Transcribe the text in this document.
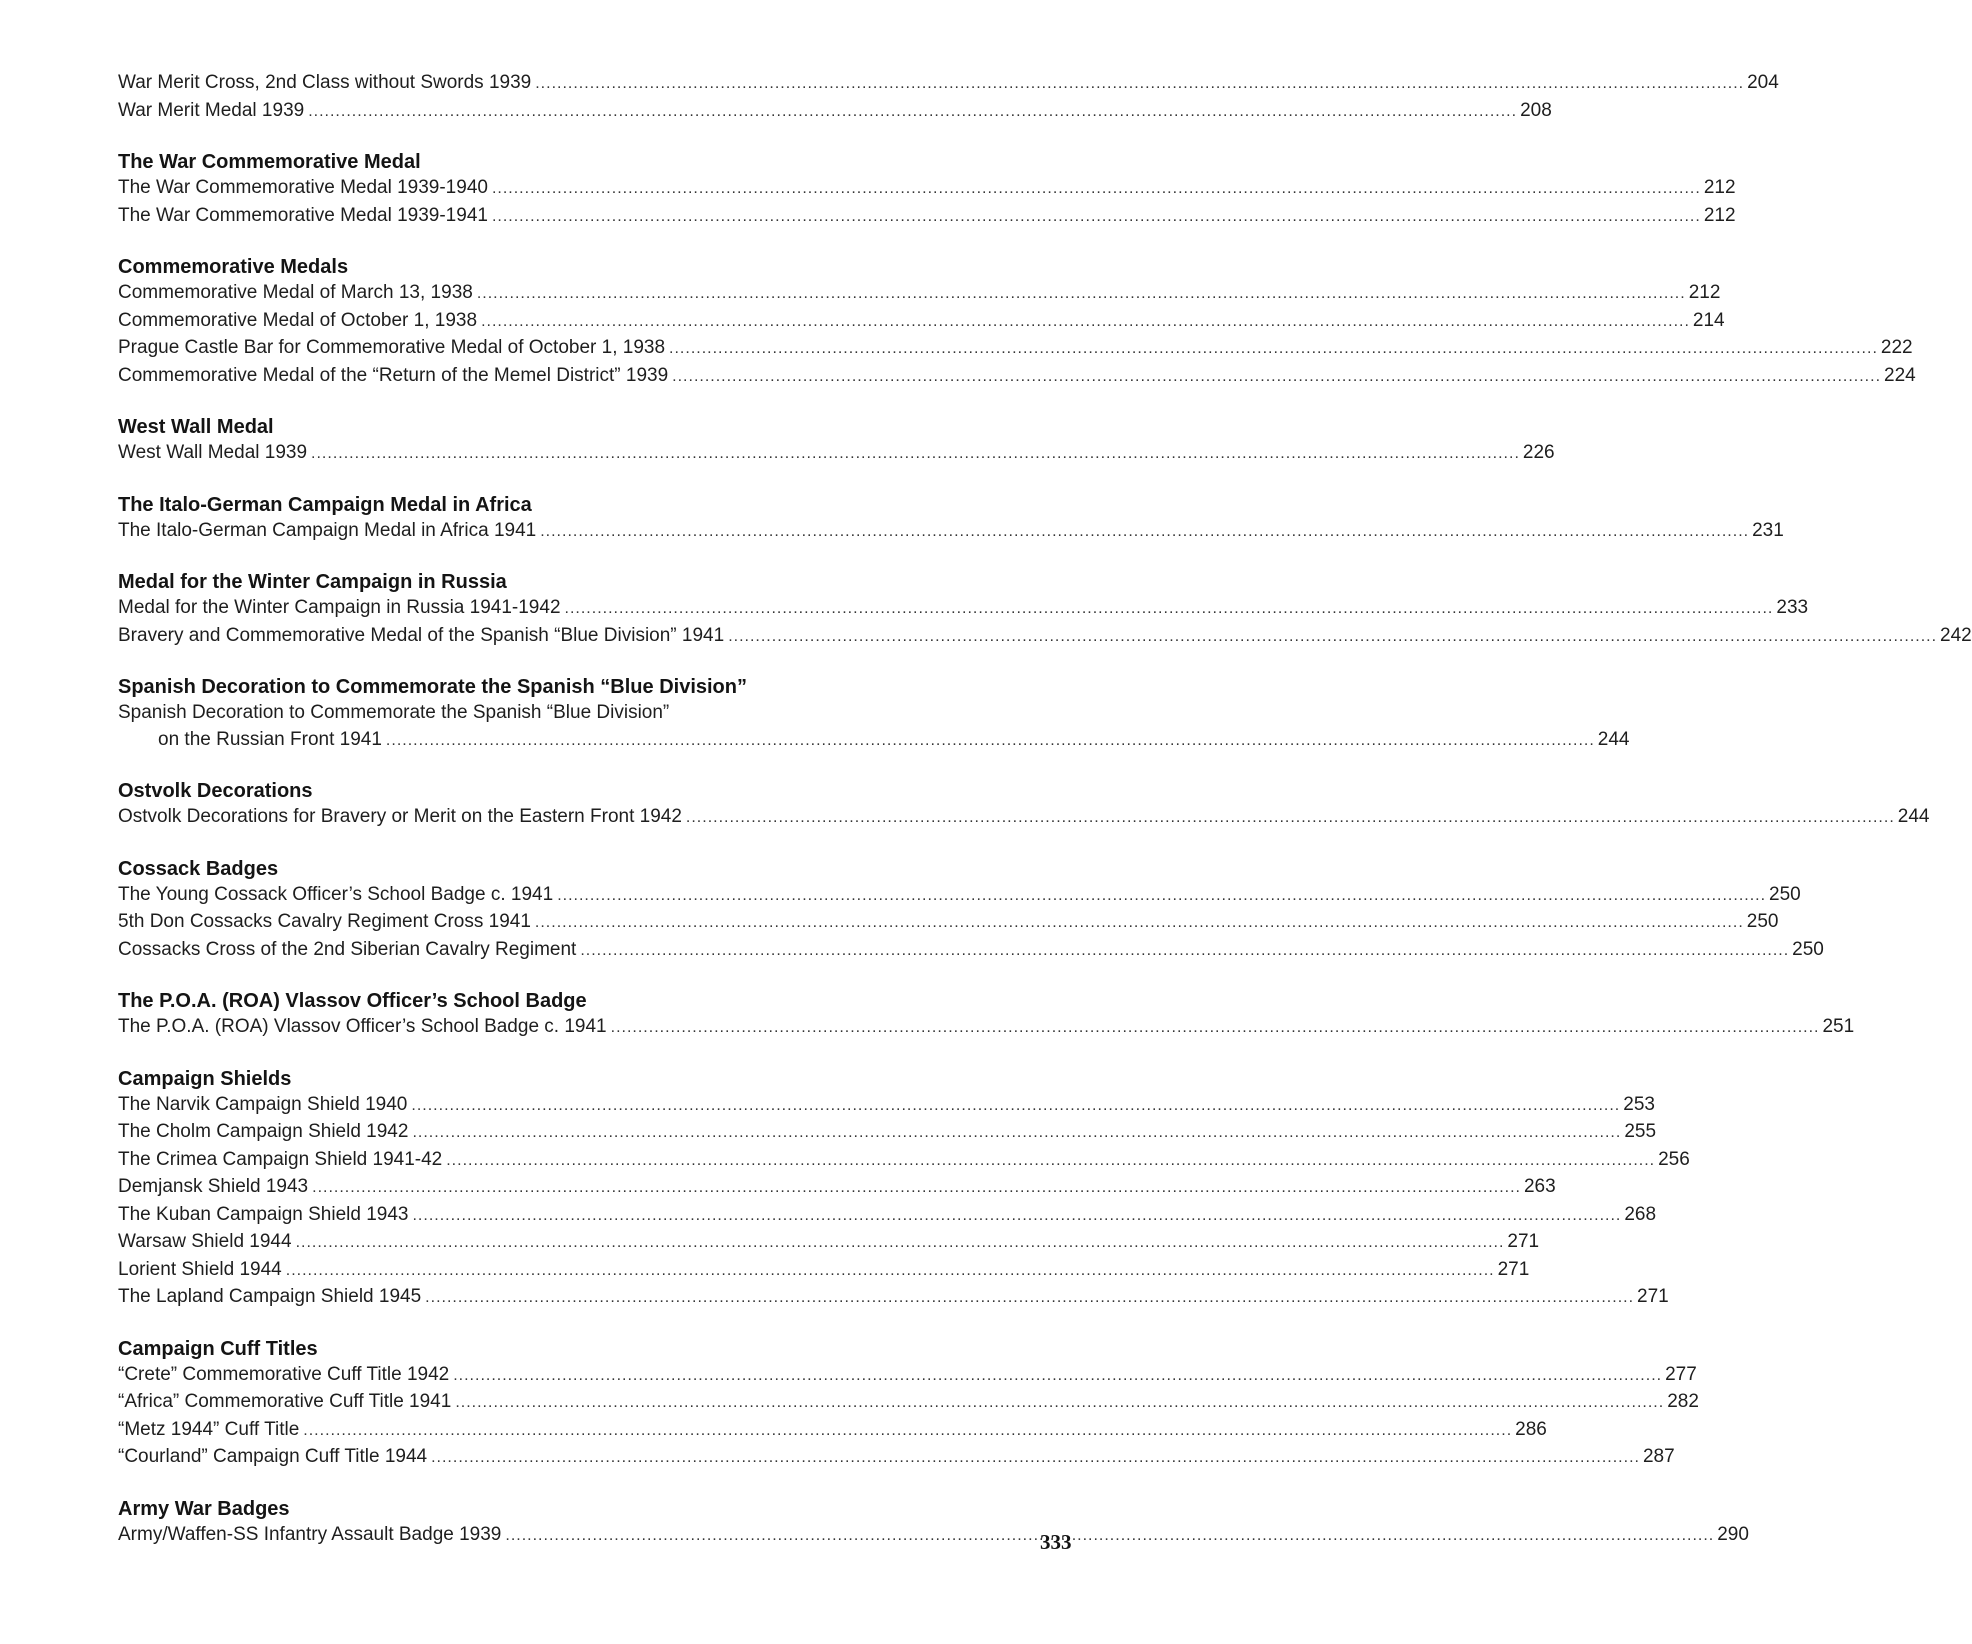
War Merit Cross, 2nd Class without Swords 1939 .....	204
War Merit Medal 1939 .....	208
The War Commemorative Medal
The War Commemorative Medal 1939-1940 .....	212
The War Commemorative Medal 1939-1941 .....	212
Commemorative Medals
Commemorative Medal of March 13, 1938 .....	212
Commemorative Medal of October 1, 1938 .....	214
Prague Castle Bar for Commemorative Medal of October 1, 1938 .....	222
Commemorative Medal of the “Return of the Memel District” 1939 .....	224
West Wall Medal
West Wall Medal 1939 .....	226
The Italo-German Campaign Medal in Africa
The Italo-German Campaign Medal in Africa 1941 .....	231
Medal for the Winter Campaign in Russia
Medal for the Winter Campaign in Russia 1941-1942 .....	233
Bravery and Commemorative Medal of the Spanish “Blue Division” 1941 .....	242
Spanish Decoration to Commemorate the Spanish “Blue Division”
Spanish Decoration to Commemorate the Spanish “Blue Division”
on the Russian Front 1941 .....	244
Ostvolk Decorations
Ostvolk Decorations for Bravery or Merit on the Eastern Front 1942 .....	244
Cossack Badges
The Young Cossack Officer’s School Badge c. 1941 .....	250
5th Don Cossacks Cavalry Regiment Cross 1941 .....	250
Cossacks Cross of the 2nd Siberian Cavalry Regiment .....	250
The P.O.A. (ROA) Vlassov Officer’s School Badge
The P.O.A. (ROA) Vlassov Officer’s School Badge c. 1941 .....	251
Campaign Shields
The Narvik Campaign Shield 1940 .....	253
The Cholm Campaign Shield 1942 .....	255
The Crimea Campaign Shield 1941-42 .....	256
Demjansk Shield 1943 .....	263
The Kuban Campaign Shield 1943 .....	268
Warsaw Shield 1944 .....	271
Lorient Shield 1944 .....	271
The Lapland Campaign Shield 1945 .....	271
Campaign Cuff Titles
“Crete” Commemorative Cuff Title 1942 .....	277
“Africa” Commemorative Cuff Title 1941 .....	282
“Metz 1944” Cuff Title .....	286
“Courland” Campaign Cuff Title 1944 .....	287
Army War Badges
Army/Waffen-SS Infantry Assault Badge 1939 .....	290
333
